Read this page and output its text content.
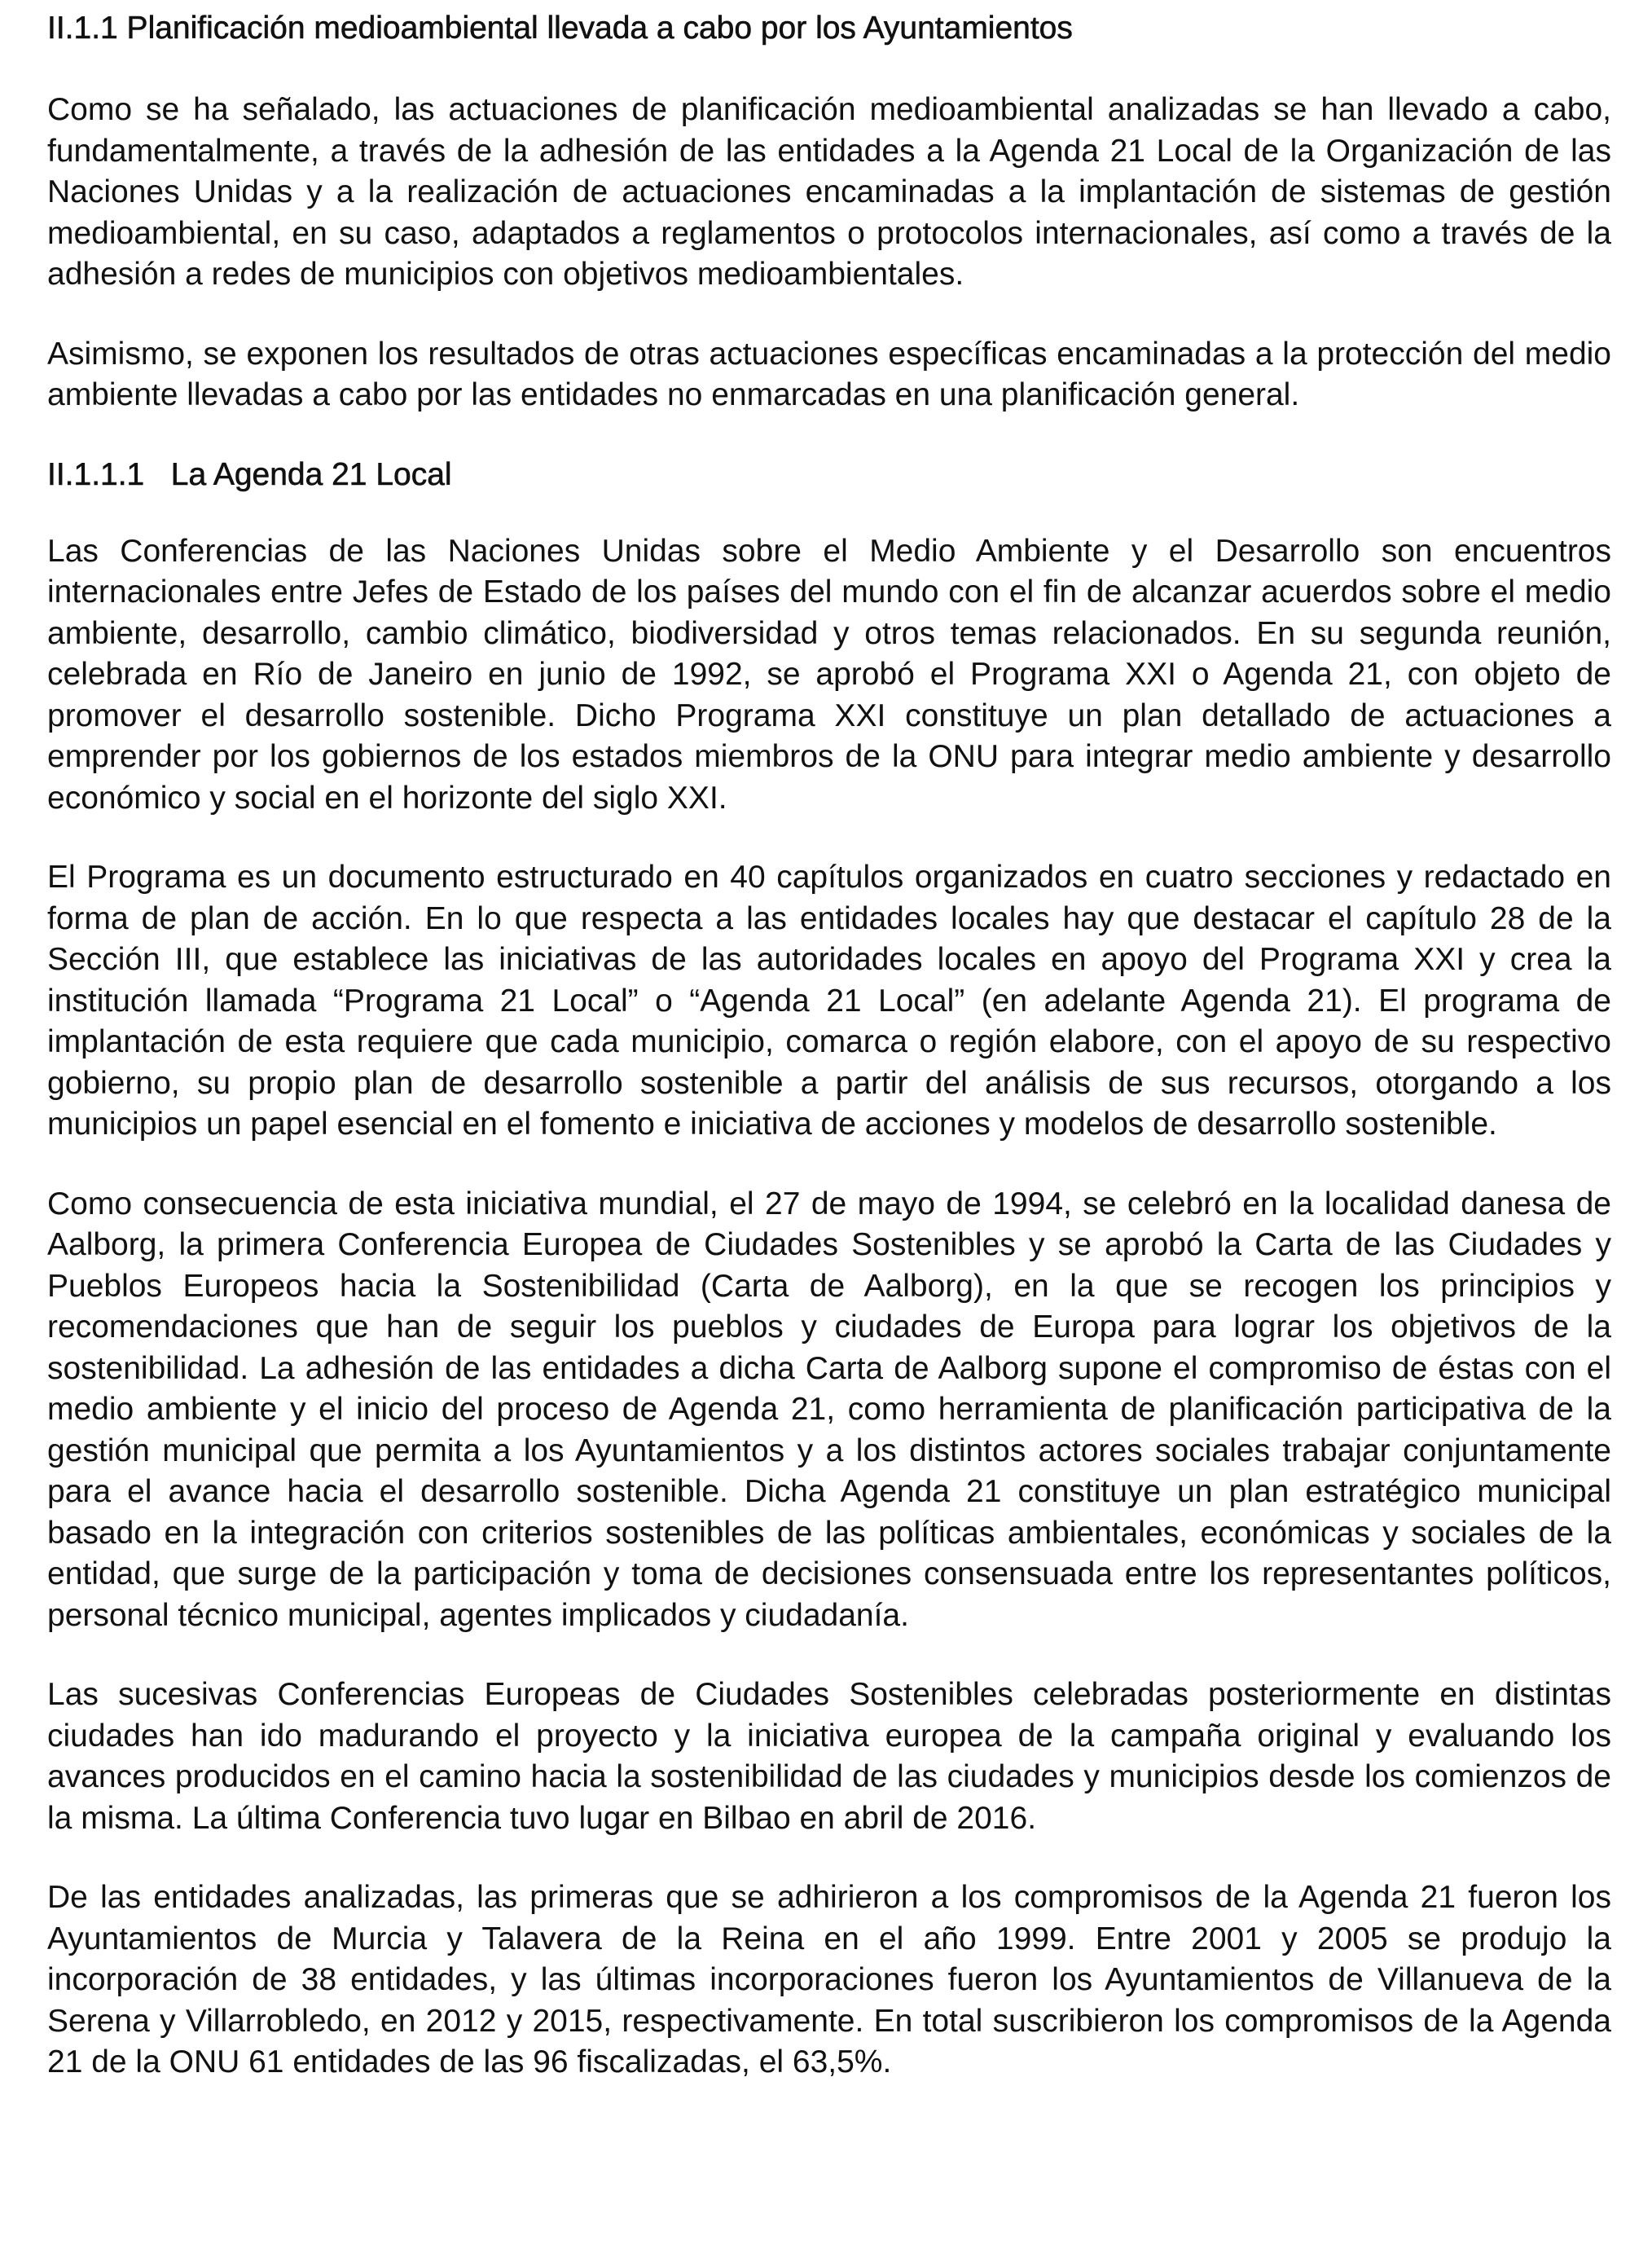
II.1.1 Planificación medioambiental llevada a cabo por los Ayuntamientos

Como se ha señalado, las actuaciones de planificación medioambiental analizadas se han llevado a cabo, fundamentalmente, a través de la adhesión de las entidades a la Agenda 21 Local de la Organización de las Naciones Unidas y a la realización de actuaciones encaminadas a la implantación de sistemas de gestión medioambiental, en su caso, adaptados a reglamentos o protocolos internacionales, así como a través de la adhesión a redes de municipios con objetivos medioambientales.

Asimismo, se exponen los resultados de otras actuaciones específicas encaminadas a la protección del medio ambiente llevadas a cabo por las entidades no enmarcadas en una planificación general.

II.1.1.1   La Agenda 21 Local

Las Conferencias de las Naciones Unidas sobre el Medio Ambiente y el Desarrollo son encuentros internacionales entre Jefes de Estado de los países del mundo con el fin de alcanzar acuerdos sobre el medio ambiente, desarrollo, cambio climático, biodiversidad y otros temas relacionados. En su segunda reunión, celebrada en Río de Janeiro en junio de 1992, se aprobó el Programa XXI o Agenda 21, con objeto de promover el desarrollo sostenible. Dicho Programa XXI constituye un plan detallado de actuaciones a emprender por los gobiernos de los estados miembros de la ONU para integrar medio ambiente y desarrollo económico y social en el horizonte del siglo XXI.

El Programa es un documento estructurado en 40 capítulos organizados en cuatro secciones y redactado en forma de plan de acción. En lo que respecta a las entidades locales hay que destacar el capítulo 28 de la Sección III, que establece las iniciativas de las autoridades locales en apoyo del Programa XXI y crea la institución llamada “Programa 21 Local” o “Agenda 21 Local” (en adelante Agenda 21). El programa de implantación de esta requiere que cada municipio, comarca o región elabore, con el apoyo de su respectivo gobierno, su propio plan de desarrollo sostenible a partir del análisis de sus recursos, otorgando a los municipios un papel esencial en el fomento e iniciativa de acciones y modelos de desarrollo sostenible.

Como consecuencia de esta iniciativa mundial, el 27 de mayo de 1994, se celebró en la localidad danesa de Aalborg, la primera Conferencia Europea de Ciudades Sostenibles y se aprobó la Carta de las Ciudades y Pueblos Europeos hacia la Sostenibilidad (Carta de Aalborg), en la que se recogen los principios y recomendaciones que han de seguir los pueblos y ciudades de Europa para lograr los objetivos de la sostenibilidad. La adhesión de las entidades a dicha Carta de Aalborg supone el compromiso de éstas con el medio ambiente y el inicio del proceso de Agenda 21, como herramienta de planificación participativa de la gestión municipal que permita a los Ayuntamientos y a los distintos actores sociales trabajar conjuntamente para el avance hacia el desarrollo sostenible. Dicha Agenda 21 constituye un plan estratégico municipal basado en la integración con criterios sostenibles de las políticas ambientales, económicas y sociales de la entidad, que surge de la participación y toma de decisiones consensuada entre los representantes políticos, personal técnico municipal, agentes implicados y ciudadanía.

Las sucesivas Conferencias Europeas de Ciudades Sostenibles celebradas posteriormente en distintas ciudades han ido madurando el proyecto y la iniciativa europea de la campaña original y evaluando los avances producidos en el camino hacia la sostenibilidad de las ciudades y municipios desde los comienzos de la misma. La última Conferencia tuvo lugar en Bilbao en abril de 2016.

De las entidades analizadas, las primeras que se adhirieron a los compromisos de la Agenda 21 fueron los Ayuntamientos de Murcia y Talavera de la Reina en el año 1999. Entre 2001 y 2005 se produjo la incorporación de 38 entidades, y las últimas incorporaciones fueron los Ayuntamientos de Villanueva de la Serena y Villarrobledo, en 2012 y 2015, respectivamente. En total suscribieron los compromisos de la Agenda 21 de la ONU 61 entidades de las 96 fiscalizadas, el 63,5%.
